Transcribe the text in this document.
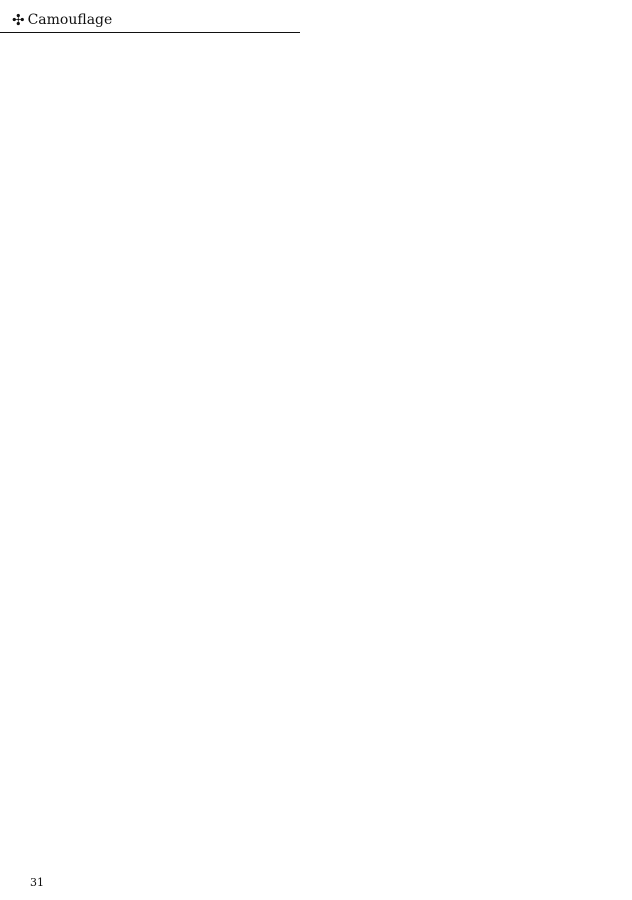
✣ Camouflage
31
